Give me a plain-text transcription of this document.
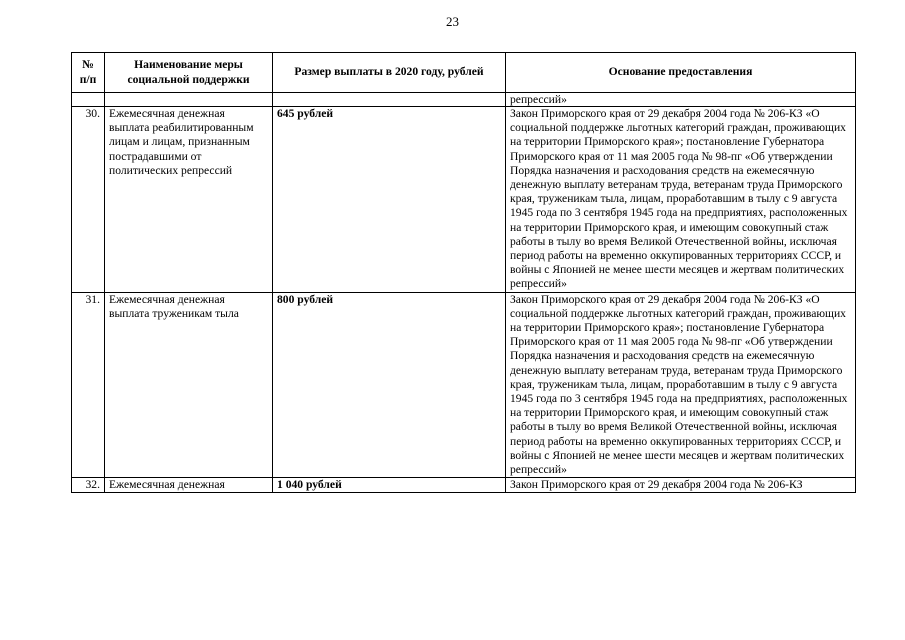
23
№ п/п	Наименование меры социальной поддержки	Размер выплаты в 2020 году, рублей	Основание предоставления
			репрессий»
30.	Ежемесячная денежная выплата реабилитированным лицам и лицам, признанным пострадавшими от политических репрессий	645 рублей	Закон Приморского края от 29 декабря 2004 года № 206-КЗ «О социальной поддержке льготных категорий граждан, проживающих на территории Приморского края»; постановление Губернатора Приморского края от 11 мая 2005 года № 98-пг «Об утверждении Порядка назначения и расходования средств на ежемесячную денежную выплату ветеранам труда, ветеранам труда Приморского края, труженикам тыла, лицам, проработавшим в тылу с 9 августа 1945 года по 3 сентября 1945 года на предприятиях, расположенных на территории Приморского края, и имеющим совокупный стаж работы в тылу во время Великой Отечественной войны, исключая период работы на временно оккупированных территориях СССР, и войны с Японией не менее шести месяцев и жертвам политических репрессий»
31.	Ежемесячная денежная выплата труженикам тыла	800 рублей	Закон Приморского края от 29 декабря 2004 года № 206-КЗ «О социальной поддержке льготных категорий граждан, проживающих на территории Приморского края»; постановление Губернатора Приморского края от 11 мая 2005 года № 98-пг «Об утверждении Порядка назначения и расходования средств на ежемесячную денежную выплату ветеранам труда, ветеранам труда Приморского края, труженикам тыла, лицам, проработавшим в тылу с 9 августа 1945 года по 3 сентября 1945 года на предприятиях, расположенных на территории Приморского края, и имеющим совокупный стаж работы в тылу во время Великой Отечественной войны, исключая период работы на временно оккупированных территориях СССР, и войны с Японией не менее шести месяцев и жертвам политических репрессий»
32.	Ежемесячная денежная	1 040 рублей	Закон Приморского края от 29 декабря 2004 года № 206-КЗ
